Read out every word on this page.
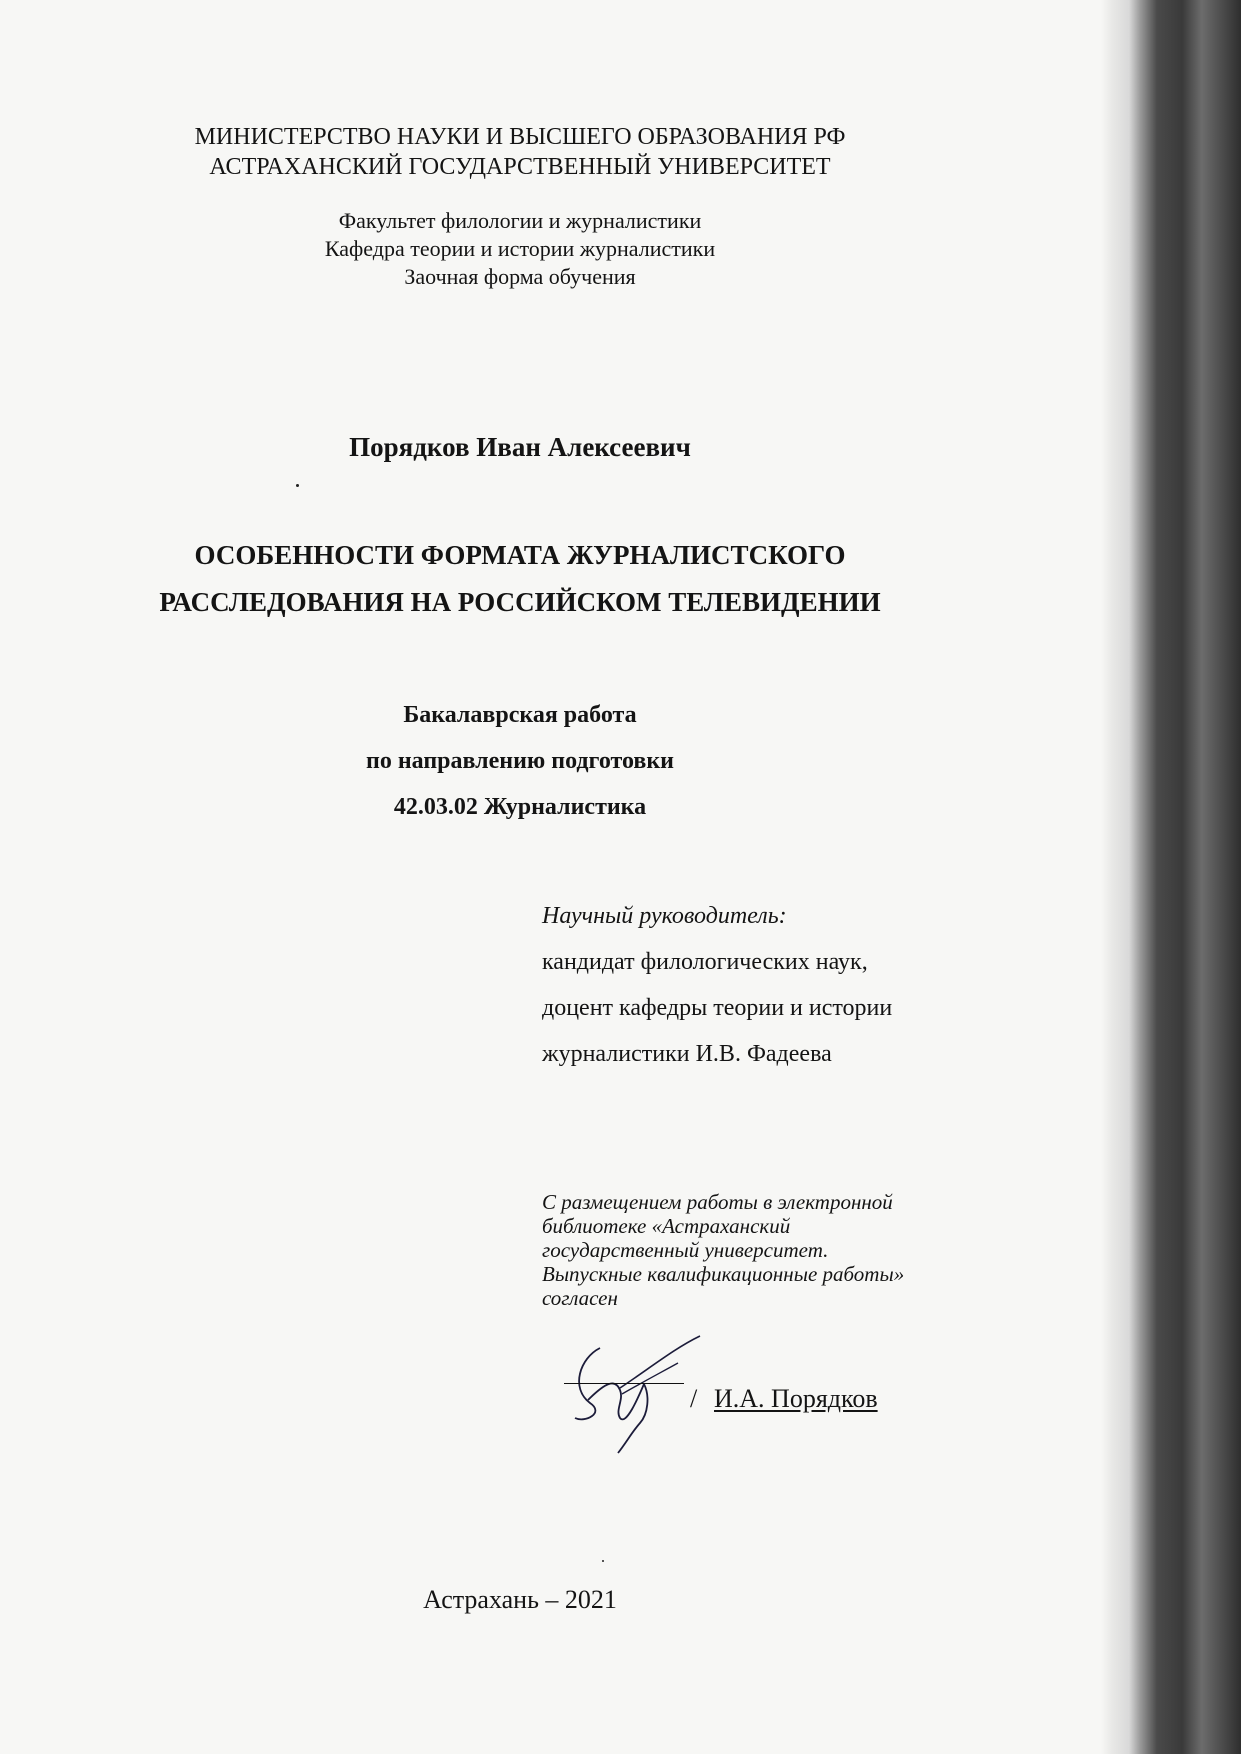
МИНИСТЕРСТВО НАУКИ И ВЫСШЕГО ОБРАЗОВАНИЯ РФ
АСТРАХАНСКИЙ ГОСУДАРСТВЕННЫЙ УНИВЕРСИТЕТ
Факультет филологии и журналистики
Кафедра теории и истории журналистики
Заочная форма обучения
Порядков Иван Алексеевич
ОСОБЕННОСТИ ФОРМАТА ЖУРНАЛИСТСКОГО
РАССЛЕДОВАНИЯ НА РОССИЙСКОМ ТЕЛЕВИДЕНИИ
Бакалаврская работа
по направлению подготовки
42.03.02 Журналистика
Научный руководитель:
кандидат филологических наук,
доцент кафедры теории и истории
журналистики И.В. Фадеева
С размещением работы в электронной
библиотеке «Астраханский
государственный университет.
Выпускные квалификационные работы»
согласен
/ И.А. Порядков
Астрахань – 2021
